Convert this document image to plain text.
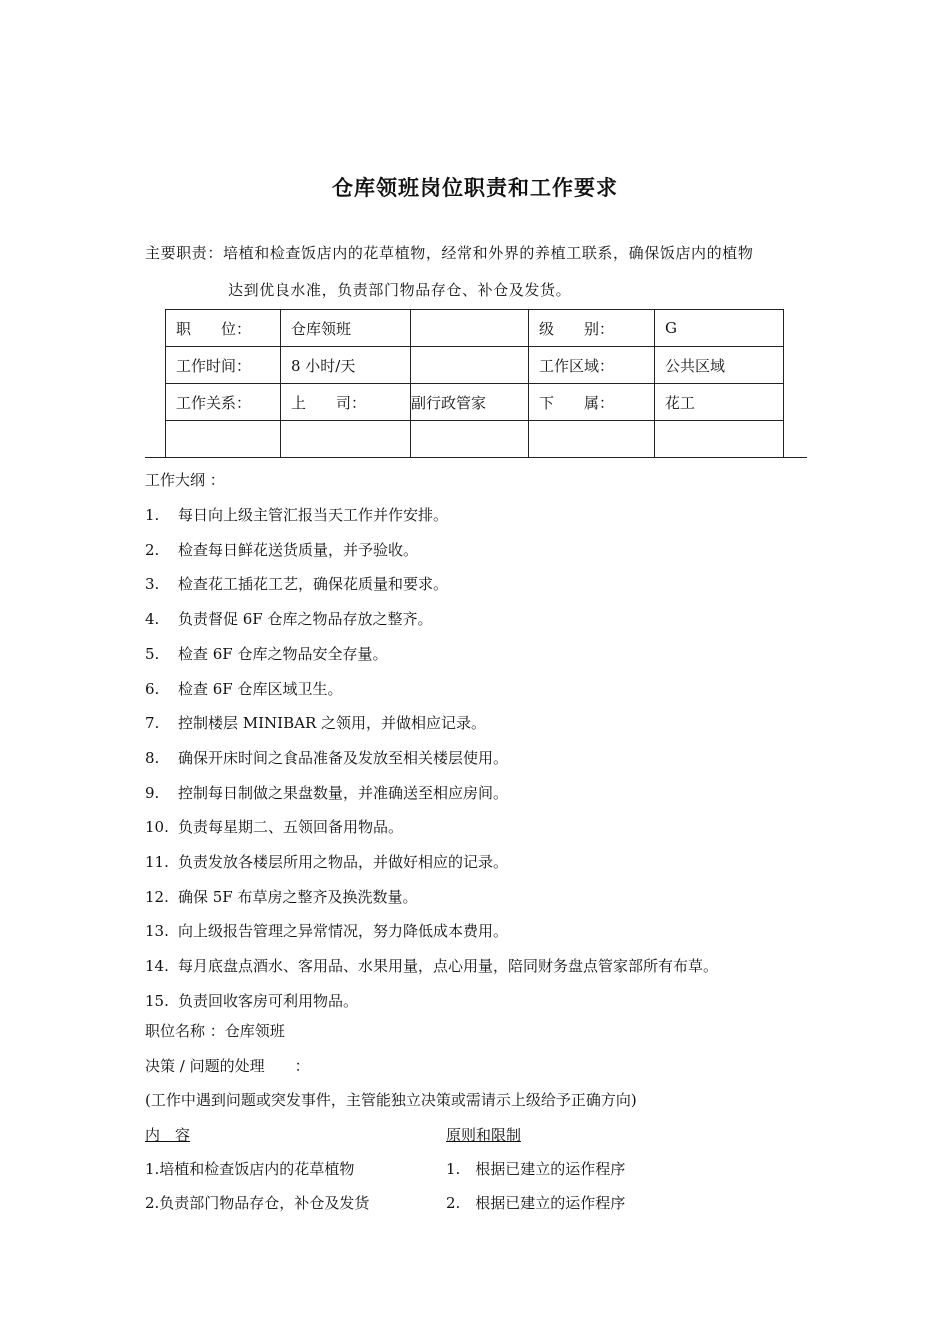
仓库领班岗位职责和工作要求
主要职责：培植和检查饭店内的花草植物，经常和外界的养植工联系，确保饭店内的植物
达到优良水准，负责部门物品存仓、补仓及发货。
职　　位：	仓库领班		级　　别：	G
工作时间：	8 小时/天		工作区域：	公共区域
工作关系：	上　　司：	副行政管家	下　　属：	花工

工作大纲 ：
1. 每日向上级主管汇报当天工作并作安排。
2. 检查每日鲜花送货质量，并予验收。
3. 检查花工插花工艺，确保花质量和要求。
4. 负责督促 6F 仓库之物品存放之整齐。
5. 检查 6F 仓库之物品安全存量。
6. 检查 6F 仓库区域卫生。
7. 控制楼层 MINIBAR 之领用，并做相应记录。
8. 确保开床时间之食品准备及发放至相关楼层使用。
9. 控制每日制做之果盘数量，并准确送至相应房间。
10. 负责每星期二、五领回备用物品。
11. 负责发放各楼层所用之物品，并做好相应的记录。
12. 确保 5F 布草房之整齐及换洗数量。
13. 向上级报告管理之异常情况，努力降低成本费用。
14. 每月底盘点酒水、客用品、水果用量，点心用量，陪同财务盘点管家部所有布草。
15. 负责回收客房可利用物品。
职位名称 ：仓库领班
决策 / 问题的处理　　：
(工作中遇到问题或突发事件，主管能独立决策或需请示上级给予正确方向)
内　容	原则和限制
1.培植和检查饭店内的花草植物	1.　根据已建立的运作程序
2.负责部门物品存仓，补仓及发货	2.　根据已建立的运作程序
